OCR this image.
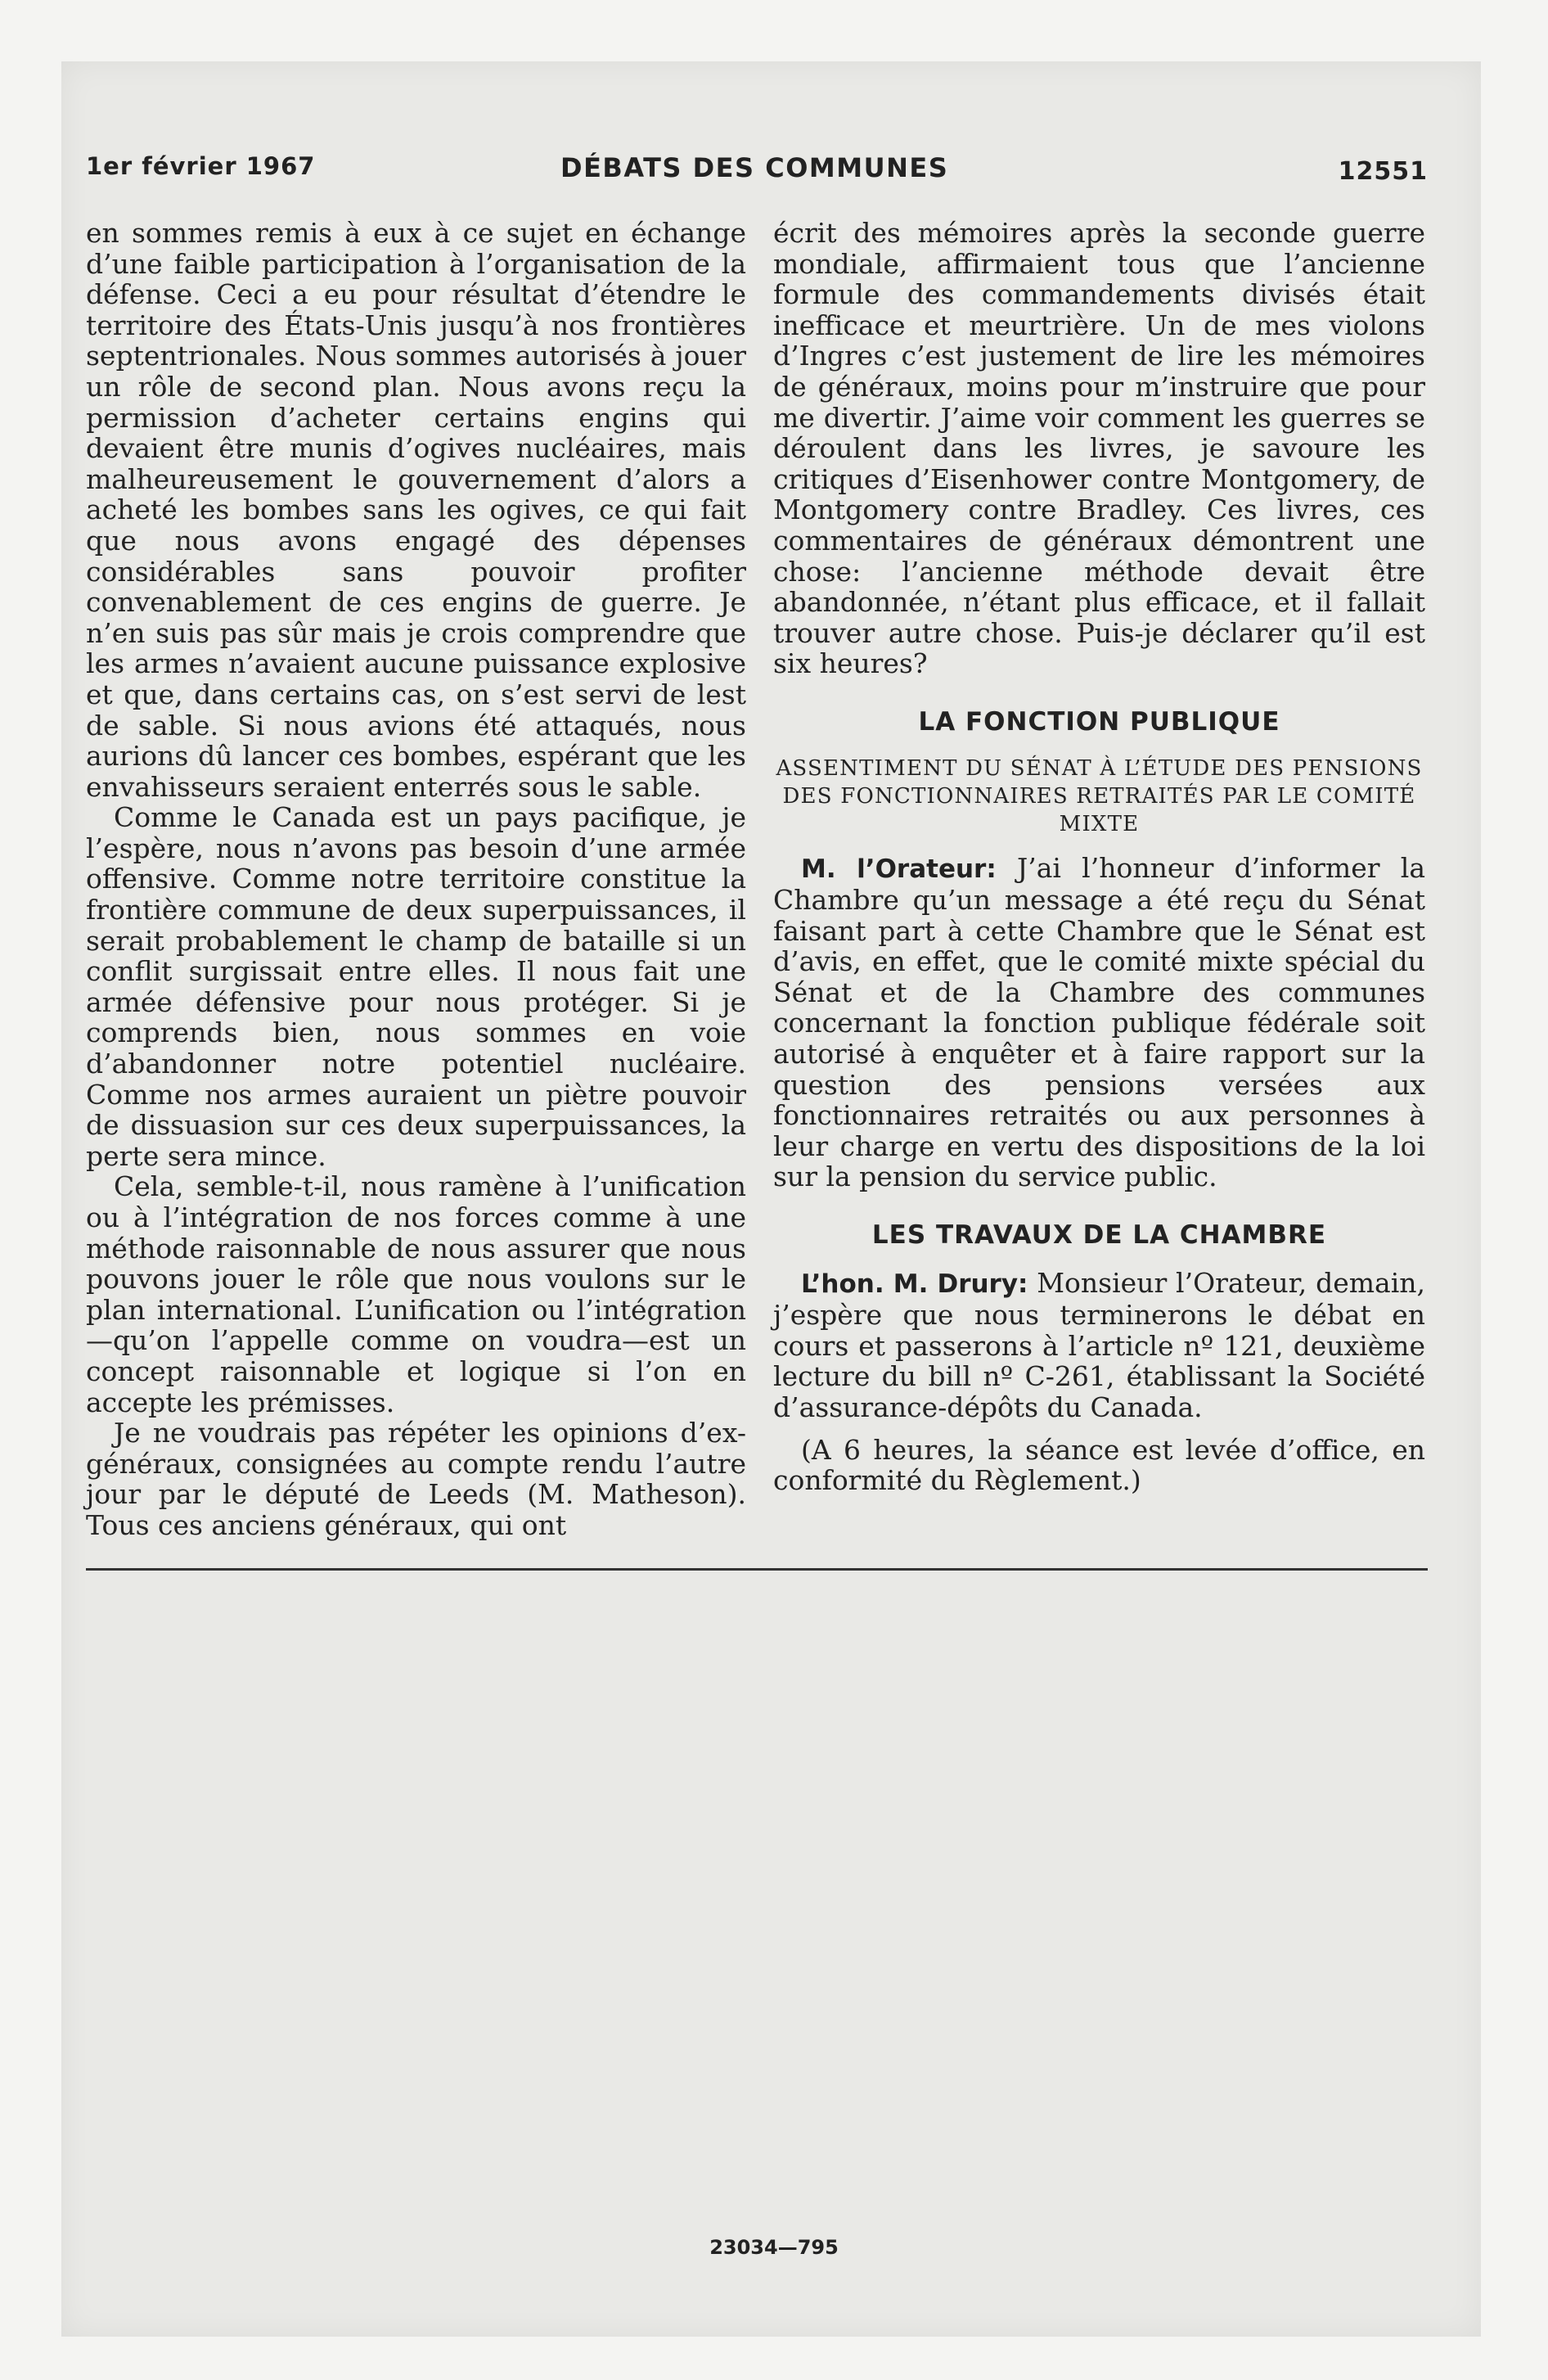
1er février 1967	DÉBATS DES COMMUNES	12551

en sommes remis à eux à ce sujet en échange d’une faible participation à l’organisation de la défense. Ceci a eu pour résultat d’étendre le territoire des États-Unis jusqu’à nos frontières septentrionales. Nous sommes autorisés à jouer un rôle de second plan. Nous avons reçu la permission d’acheter certains engins qui devaient être munis d’ogives nucléaires, mais malheureusement le gouvernement d’alors a acheté les bombes sans les ogives, ce qui fait que nous avons engagé des dépenses considérables sans pouvoir profiter convenablement de ces engins de guerre. Je n’en suis pas sûr mais je crois comprendre que les armes n’avaient aucune puissance explosive et que, dans certains cas, on s’est servi de lest de sable. Si nous avions été attaqués, nous aurions dû lancer ces bombes, espérant que les envahisseurs seraient enterrés sous le sable.

Comme le Canada est un pays pacifique, je l’espère, nous n’avons pas besoin d’une armée offensive. Comme notre territoire constitue la frontière commune de deux superpuissances, il serait probablement le champ de bataille si un conflit surgissait entre elles. Il nous fait une armée défensive pour nous protéger. Si je comprends bien, nous sommes en voie d’abandonner notre potentiel nucléaire. Comme nos armes auraient un piètre pouvoir de dissuasion sur ces deux superpuissances, la perte sera mince.

Cela, semble-t-il, nous ramène à l’unification ou à l’intégration de nos forces comme à une méthode raisonnable de nous assurer que nous pouvons jouer le rôle que nous voulons sur le plan international. L’unification ou l’intégration—qu’on l’appelle comme on voudra—est un concept raisonnable et logique si l’on en accepte les prémisses.

Je ne voudrais pas répéter les opinions d’ex-généraux, consignées au compte rendu l’autre jour par le député de Leeds (M. Matheson). Tous ces anciens généraux, qui ont

écrit des mémoires après la seconde guerre mondiale, affirmaient tous que l’ancienne formule des commandements divisés était inefficace et meurtrière. Un de mes violons d’Ingres c’est justement de lire les mémoires de généraux, moins pour m’instruire que pour me divertir. J’aime voir comment les guerres se déroulent dans les livres, je savoure les critiques d’Eisenhower contre Montgomery, de Montgomery contre Bradley. Ces livres, ces commentaires de généraux démontrent une chose: l’ancienne méthode devait être abandonnée, n’étant plus efficace, et il fallait trouver autre chose. Puis-je déclarer qu’il est six heures?

LA FONCTION PUBLIQUE
ASSENTIMENT DU SÉNAT À L’ÉTUDE DES PENSIONS DES FONCTIONNAIRES RETRAITÉS PAR LE COMITÉ MIXTE

M. l’Orateur: J’ai l’honneur d’informer la Chambre qu’un message a été reçu du Sénat faisant part à cette Chambre que le Sénat est d’avis, en effet, que le comité mixte spécial du Sénat et de la Chambre des communes concernant la fonction publique fédérale soit autorisé à enquêter et à faire rapport sur la question des pensions versées aux fonctionnaires retraités ou aux personnes à leur charge en vertu des dispositions de la loi sur la pension du service public.

LES TRAVAUX DE LA CHAMBRE

L’hon. M. Drury: Monsieur l’Orateur, demain, j’espère que nous terminerons le débat en cours et passerons à l’article nº 121, deuxième lecture du bill nº C-261, établissant la Société d’assurance-dépôts du Canada.

(A 6 heures, la séance est levée d’office, en conformité du Règlement.)

23034—795
